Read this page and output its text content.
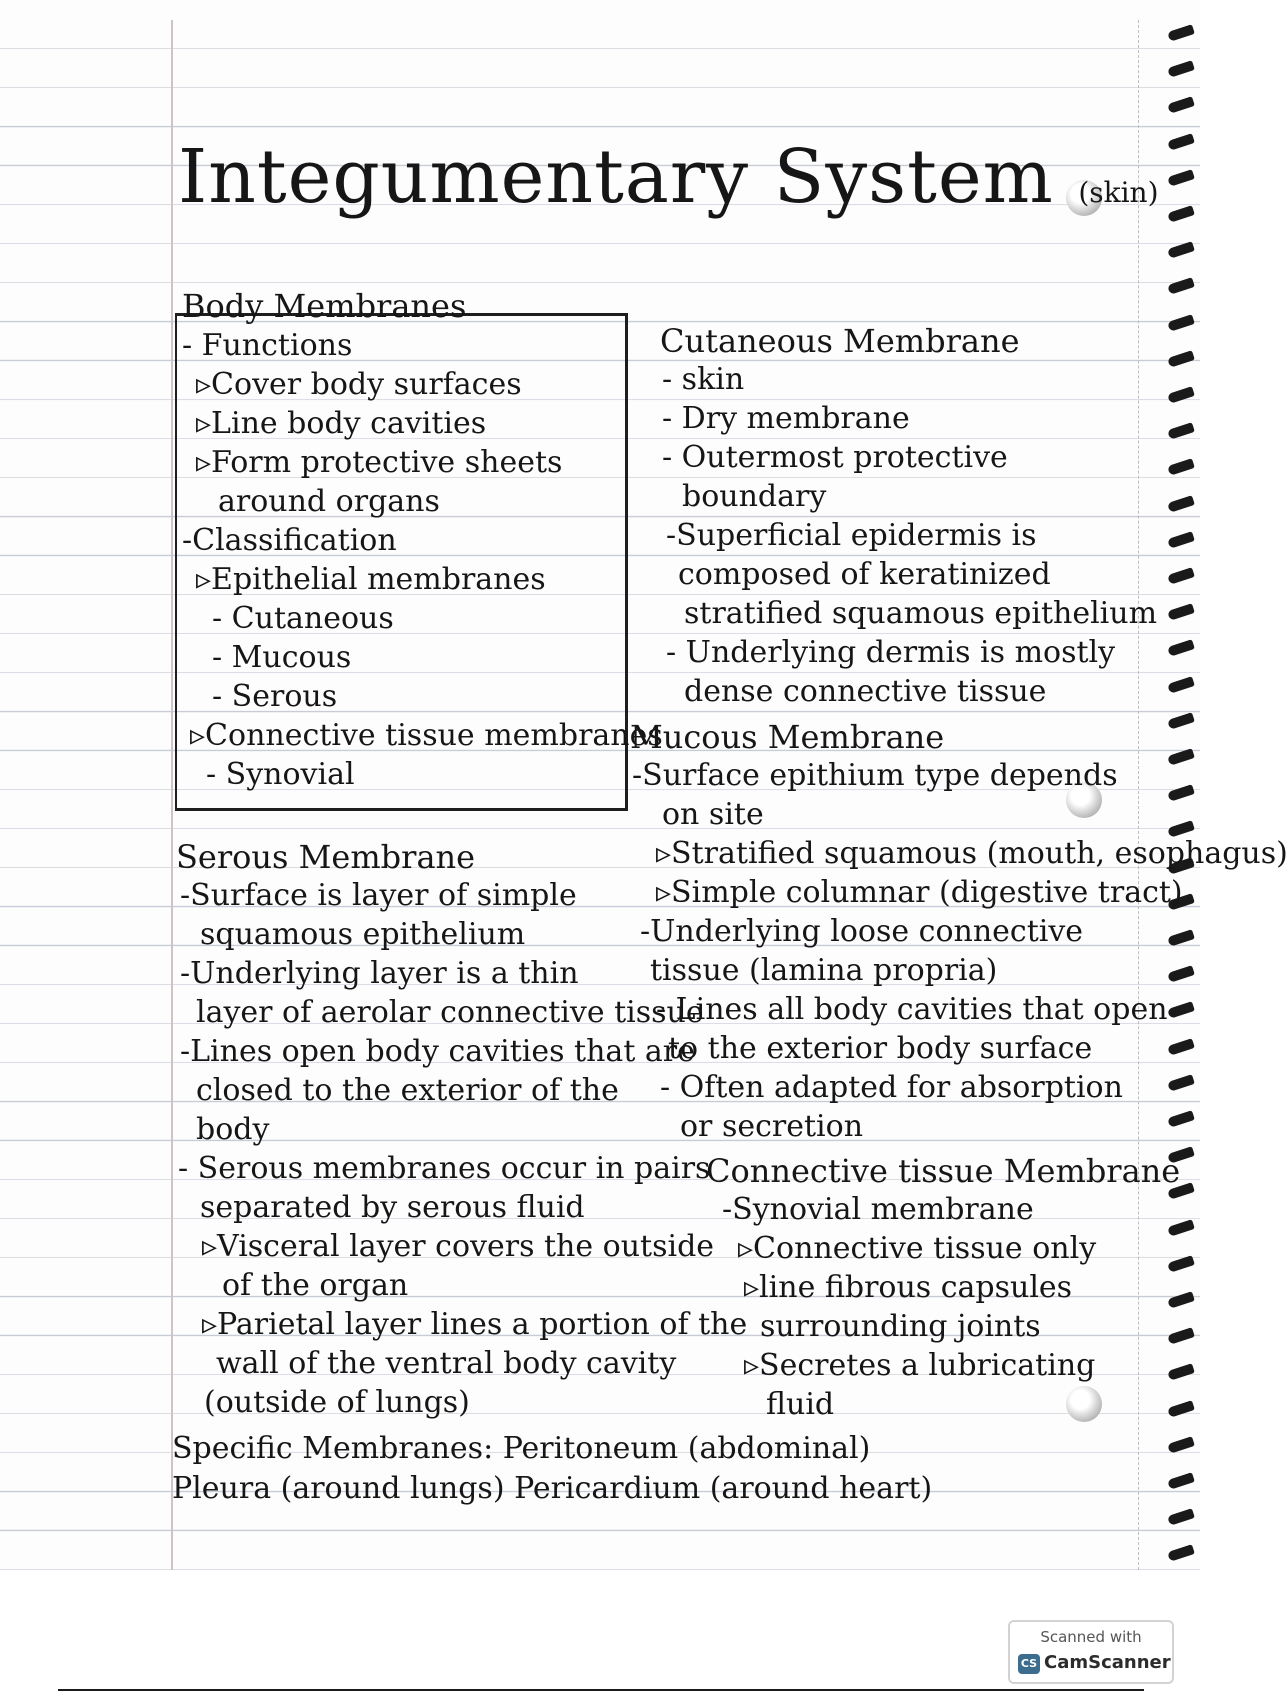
Integumentary System (skin)
Body Membranes
- Functions
▹Cover body surfaces
▹Line body cavities
▹Form protective sheets
around organs
-Classification
▹Epithelial membranes
- Cutaneous
- Mucous
- Serous
▹Connective tissue membranes
- Synovial
Serous Membrane
-Surface is layer of simple
squamous epithelium
-Underlying layer is a thin
layer of aerolar connective tissue
-Lines open body cavities that are
closed to the exterior of the
body
- Serous membranes occur in pairs
separated by serous fluid
▹Visceral layer covers the outside
of the organ
▹Parietal layer lines a portion of the
wall of the ventral body cavity
(outside of lungs)
Specific Membranes: Peritoneum (abdominal)
Pleura (around lungs) Pericardium (around heart)
Cutaneous Membrane
- skin
- Dry membrane
- Outermost protective
boundary
-Superficial epidermis is
composed of keratinized
stratified squamous epithelium
- Underlying dermis is mostly
dense connective tissue
Mucous Membrane
-Surface epithium type depends
on site
▹Stratified squamous (mouth, esophagus)
▹Simple columnar (digestive tract)
-Underlying loose connective
tissue (lamina propria)
- Lines all body cavities that open
to the exterior body surface
- Often adapted for absorption
or secretion
Connective tissue Membrane
-Synovial membrane
▹Connective tissue only
▹line fibrous capsules
surrounding joints
▹Secretes a lubricating
fluid
Scanned with
CS CamScanner
